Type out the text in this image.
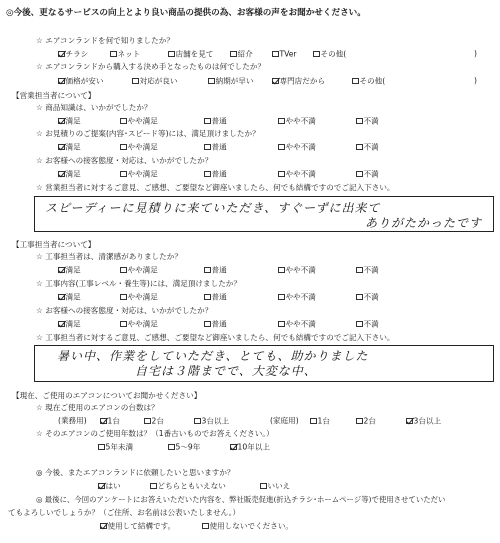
◎今後、更なるサービスの向上とより良い商品の提供の為、お客様の声をお聞かせください。
☆ エアコンランドを何で知りましたか？
チラシ	ネット	店舗を見て	紹介	TVer	その他(	)
☆ エアコンランドから購入する決め手となったものは何でしたか？
価格が安い	対応が良い	納期が早い	専門店だから	その他(	)
【営業担当者について】
☆ 商品知識は、いかがでしたか？
満足	やや満足	普通	やや不満	不満
☆ お見積りのご提案(内容･スピード等)には、満足頂けましたか？
満足	やや満足	普通	やや不満	不満
☆ お客様への接客態度・対応は、いかがでしたか？
満足	やや満足	普通	やや不満	不満
☆ 営業担当者に対するご意見、ご感想、ご要望など御座いましたら、何でも結構ですのでご記入下さい。
スピーディーに見積りに来ていただき、すぐーずに出来て
ありがたかったです
【工事担当者について】
☆ 工事担当者は、清潔感がありましたか？
満足	やや満足	普通	やや不満	不満
☆ 工事内容(工事レベル・養生等)には、満足頂けましたか？
満足	やや満足	普通	やや不満	不満
☆ お客様への接客態度・対応は、いかがでしたか？
満足	やや満足	普通	やや不満	不満
☆ 工事担当者に対するご意見、ご感想、ご要望など御座いましたら、何でも結構ですのでご記入下さい。
暑い中、作業をしていただき、とても、助かりました
自宅は３階までで、大変な中、
【現在、ご使用のエアコンについてお聞かせください】
☆ 現在ご使用のエアコンの台数は？
(業務用)	1台	2台	3台以上	(家庭用)	1台	2台	3台以上
☆ そのエアコンのご使用年数は？（1番古いものでお答えください。）
5年未満	5～9年	10年以上
◎ 今後、またエアコンランドに依頼したいと思いますか？
はい	どちらともいえない	いいえ
◎ 最後に、今回のアンケートにお答えいただいた内容を、弊社販売促進(折込チラシ･ホームページ等)で使用させていただい
てもよろしいでしょうか？（ご住所、お名前は公表いたしません。）
使用して結構です。	使用しないでください。
